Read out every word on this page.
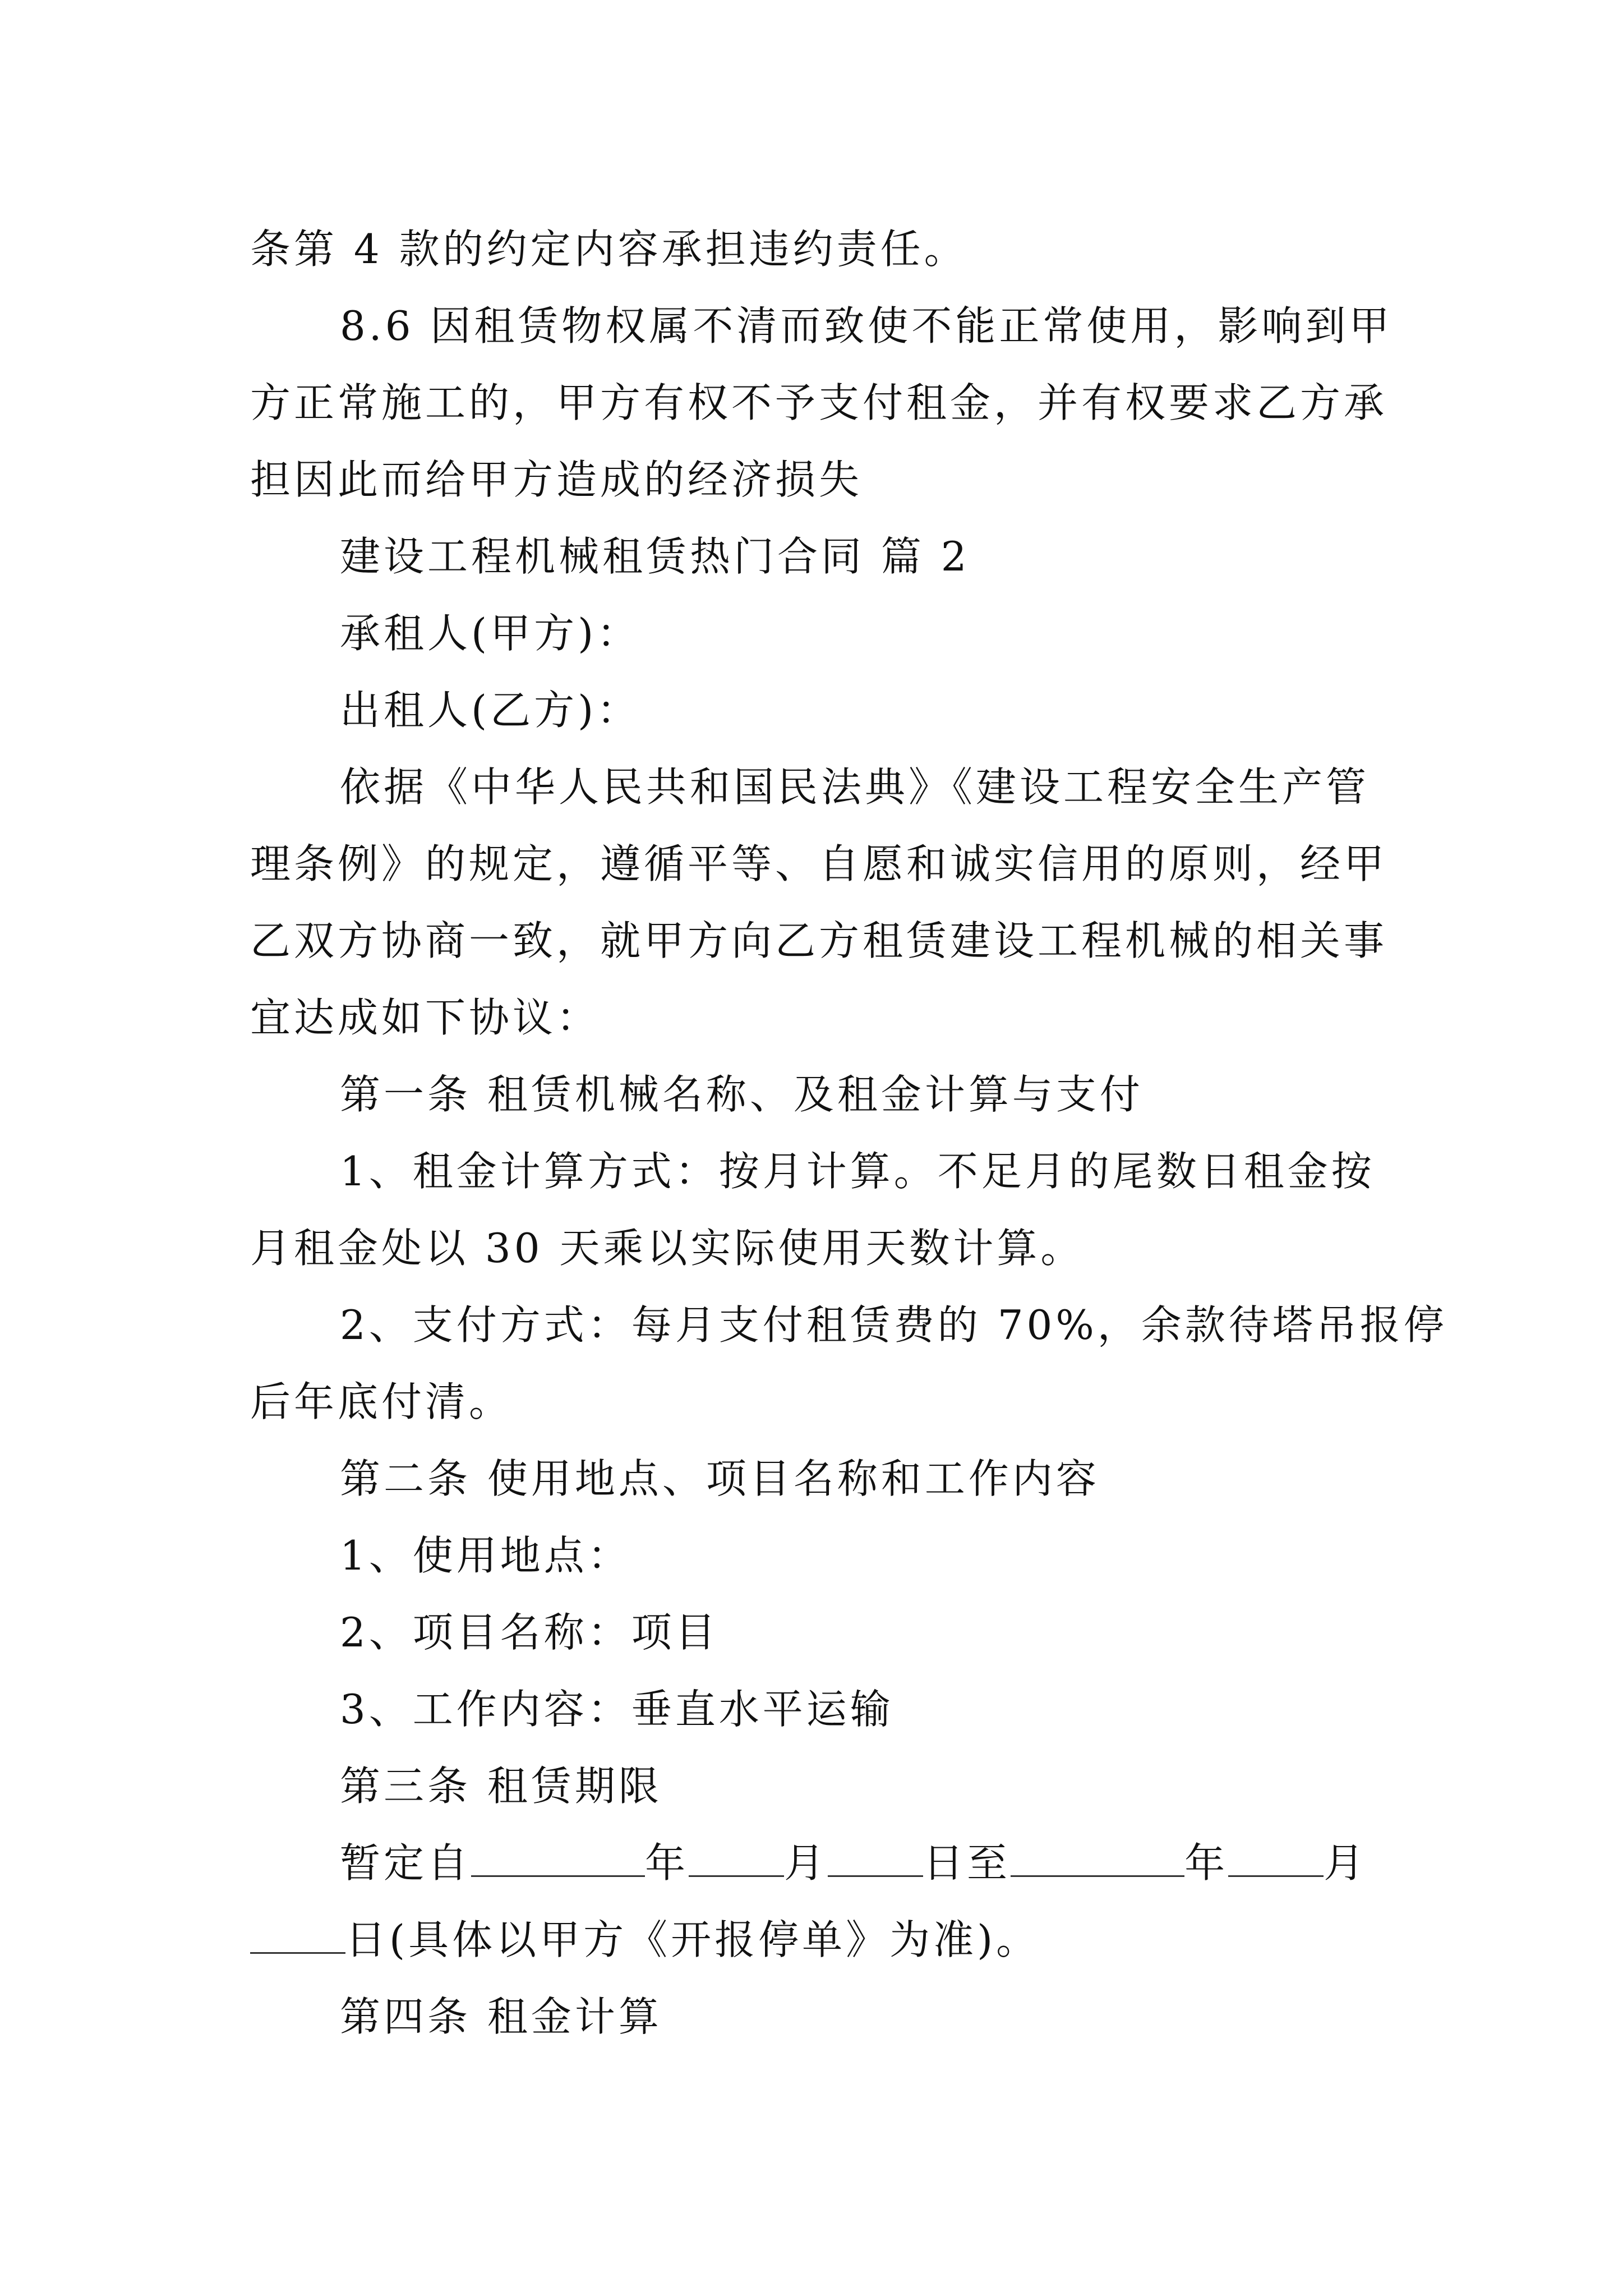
条第 4 款的约定内容承担违约责任。
8.6 因租赁物权属不清而致使不能正常使用，影响到甲
方正常施工的，甲方有权不予支付租金，并有权要求乙方承
担因此而给甲方造成的经济损失
建设工程机械租赁热门合同 篇 2
承租人(甲方)：
出租人(乙方)：
依据《中华人民共和国民法典》《建设工程安全生产管
理条例》的规定，遵循平等、自愿和诚实信用的原则，经甲
乙双方协商一致，就甲方向乙方租赁建设工程机械的相关事
宜达成如下协议：
第一条 租赁机械名称、及租金计算与支付
1、租金计算方式：按月计算。不足月的尾数日租金按
月租金处以 30 天乘以实际使用天数计算。
2、支付方式：每月支付租赁费的 70%，余款待塔吊报停
后年底付清。
第二条 使用地点、项目名称和工作内容
1、使用地点：
2、项目名称：项目
3、工作内容：垂直水平运输
第三条 租赁期限
暂定自	年 月 日至	年 月
日(具体以甲方《开报停单》为准)。
第四条 租金计算
